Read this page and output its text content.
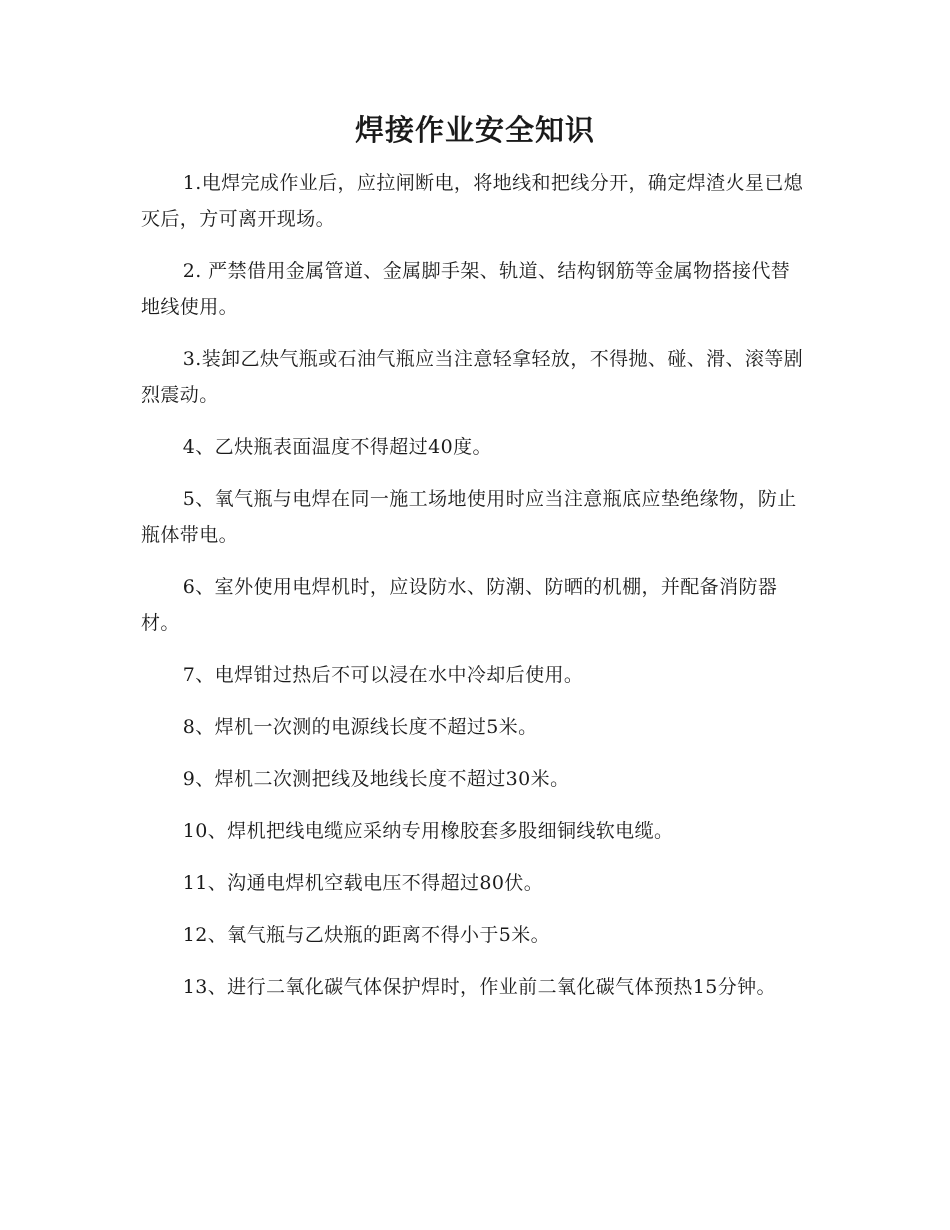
焊接作业安全知识

1.电焊完成作业后，应拉闸断电，将地线和把线分开，确定焊渣火星已熄灭后，方可离开现场。

2. 严禁借用金属管道、金属脚手架、轨道、结构钢筋等金属物搭接代替地线使用。

3.装卸乙炔气瓶或石油气瓶应当注意轻拿轻放，不得抛、碰、滑、滚等剧烈震动。

4、乙炔瓶表面温度不得超过40度。

5、氧气瓶与电焊在同一施工场地使用时应当注意瓶底应垫绝缘物，防止瓶体带电。

6、室外使用电焊机时，应设防水、防潮、防晒的机棚，并配备消防器材。

7、电焊钳过热后不可以浸在水中冷却后使用。

8、焊机一次测的电源线长度不超过5米。

9、焊机二次测把线及地线长度不超过30米。

10、焊机把线电缆应采纳专用橡胶套多股细铜线软电缆。

11、沟通电焊机空载电压不得超过80伏。

12、氧气瓶与乙炔瓶的距离不得小于5米。

13、进行二氧化碳气体保护焊时，作业前二氧化碳气体预热15分钟。
